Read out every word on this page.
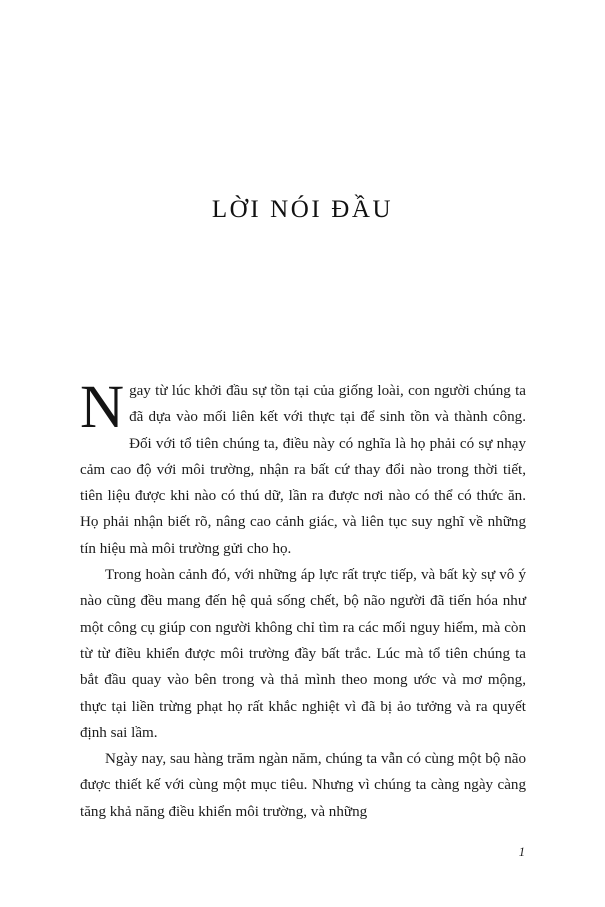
LỜI NÓI ĐẦU

Ngay từ lúc khởi đầu sự tồn tại của giống loài, con người chúng ta đã dựa vào mối liên kết với thực tại để sinh tồn và thành công. Đối với tổ tiên chúng ta, điều này có nghĩa là họ phải có sự nhạy cảm cao độ với môi trường, nhận ra bất cứ thay đổi nào trong thời tiết, tiên liệu được khi nào có thú dữ, lần ra được nơi nào có thể có thức ăn. Họ phải nhận biết rõ, nâng cao cảnh giác, và liên tục suy nghĩ về những tín hiệu mà môi trường gửi cho họ.

Trong hoàn cảnh đó, với những áp lực rất trực tiếp, và bất kỳ sự vô ý nào cũng đều mang đến hệ quả sống chết, bộ não người đã tiến hóa như một công cụ giúp con người không chỉ tìm ra các mối nguy hiểm, mà còn từ từ điều khiển được môi trường đầy bất trắc. Lúc mà tổ tiên chúng ta bắt đầu quay vào bên trong và thả mình theo mong ước và mơ mộng, thực tại liền trừng phạt họ rất khắc nghiệt vì đã bị ảo tưởng và ra quyết định sai lầm.

Ngày nay, sau hàng trăm ngàn năm, chúng ta vẫn có cùng một bộ não được thiết kế với cùng một mục tiêu. Nhưng vì chúng ta càng ngày càng tăng khả năng điều khiển môi trường, và những

1
